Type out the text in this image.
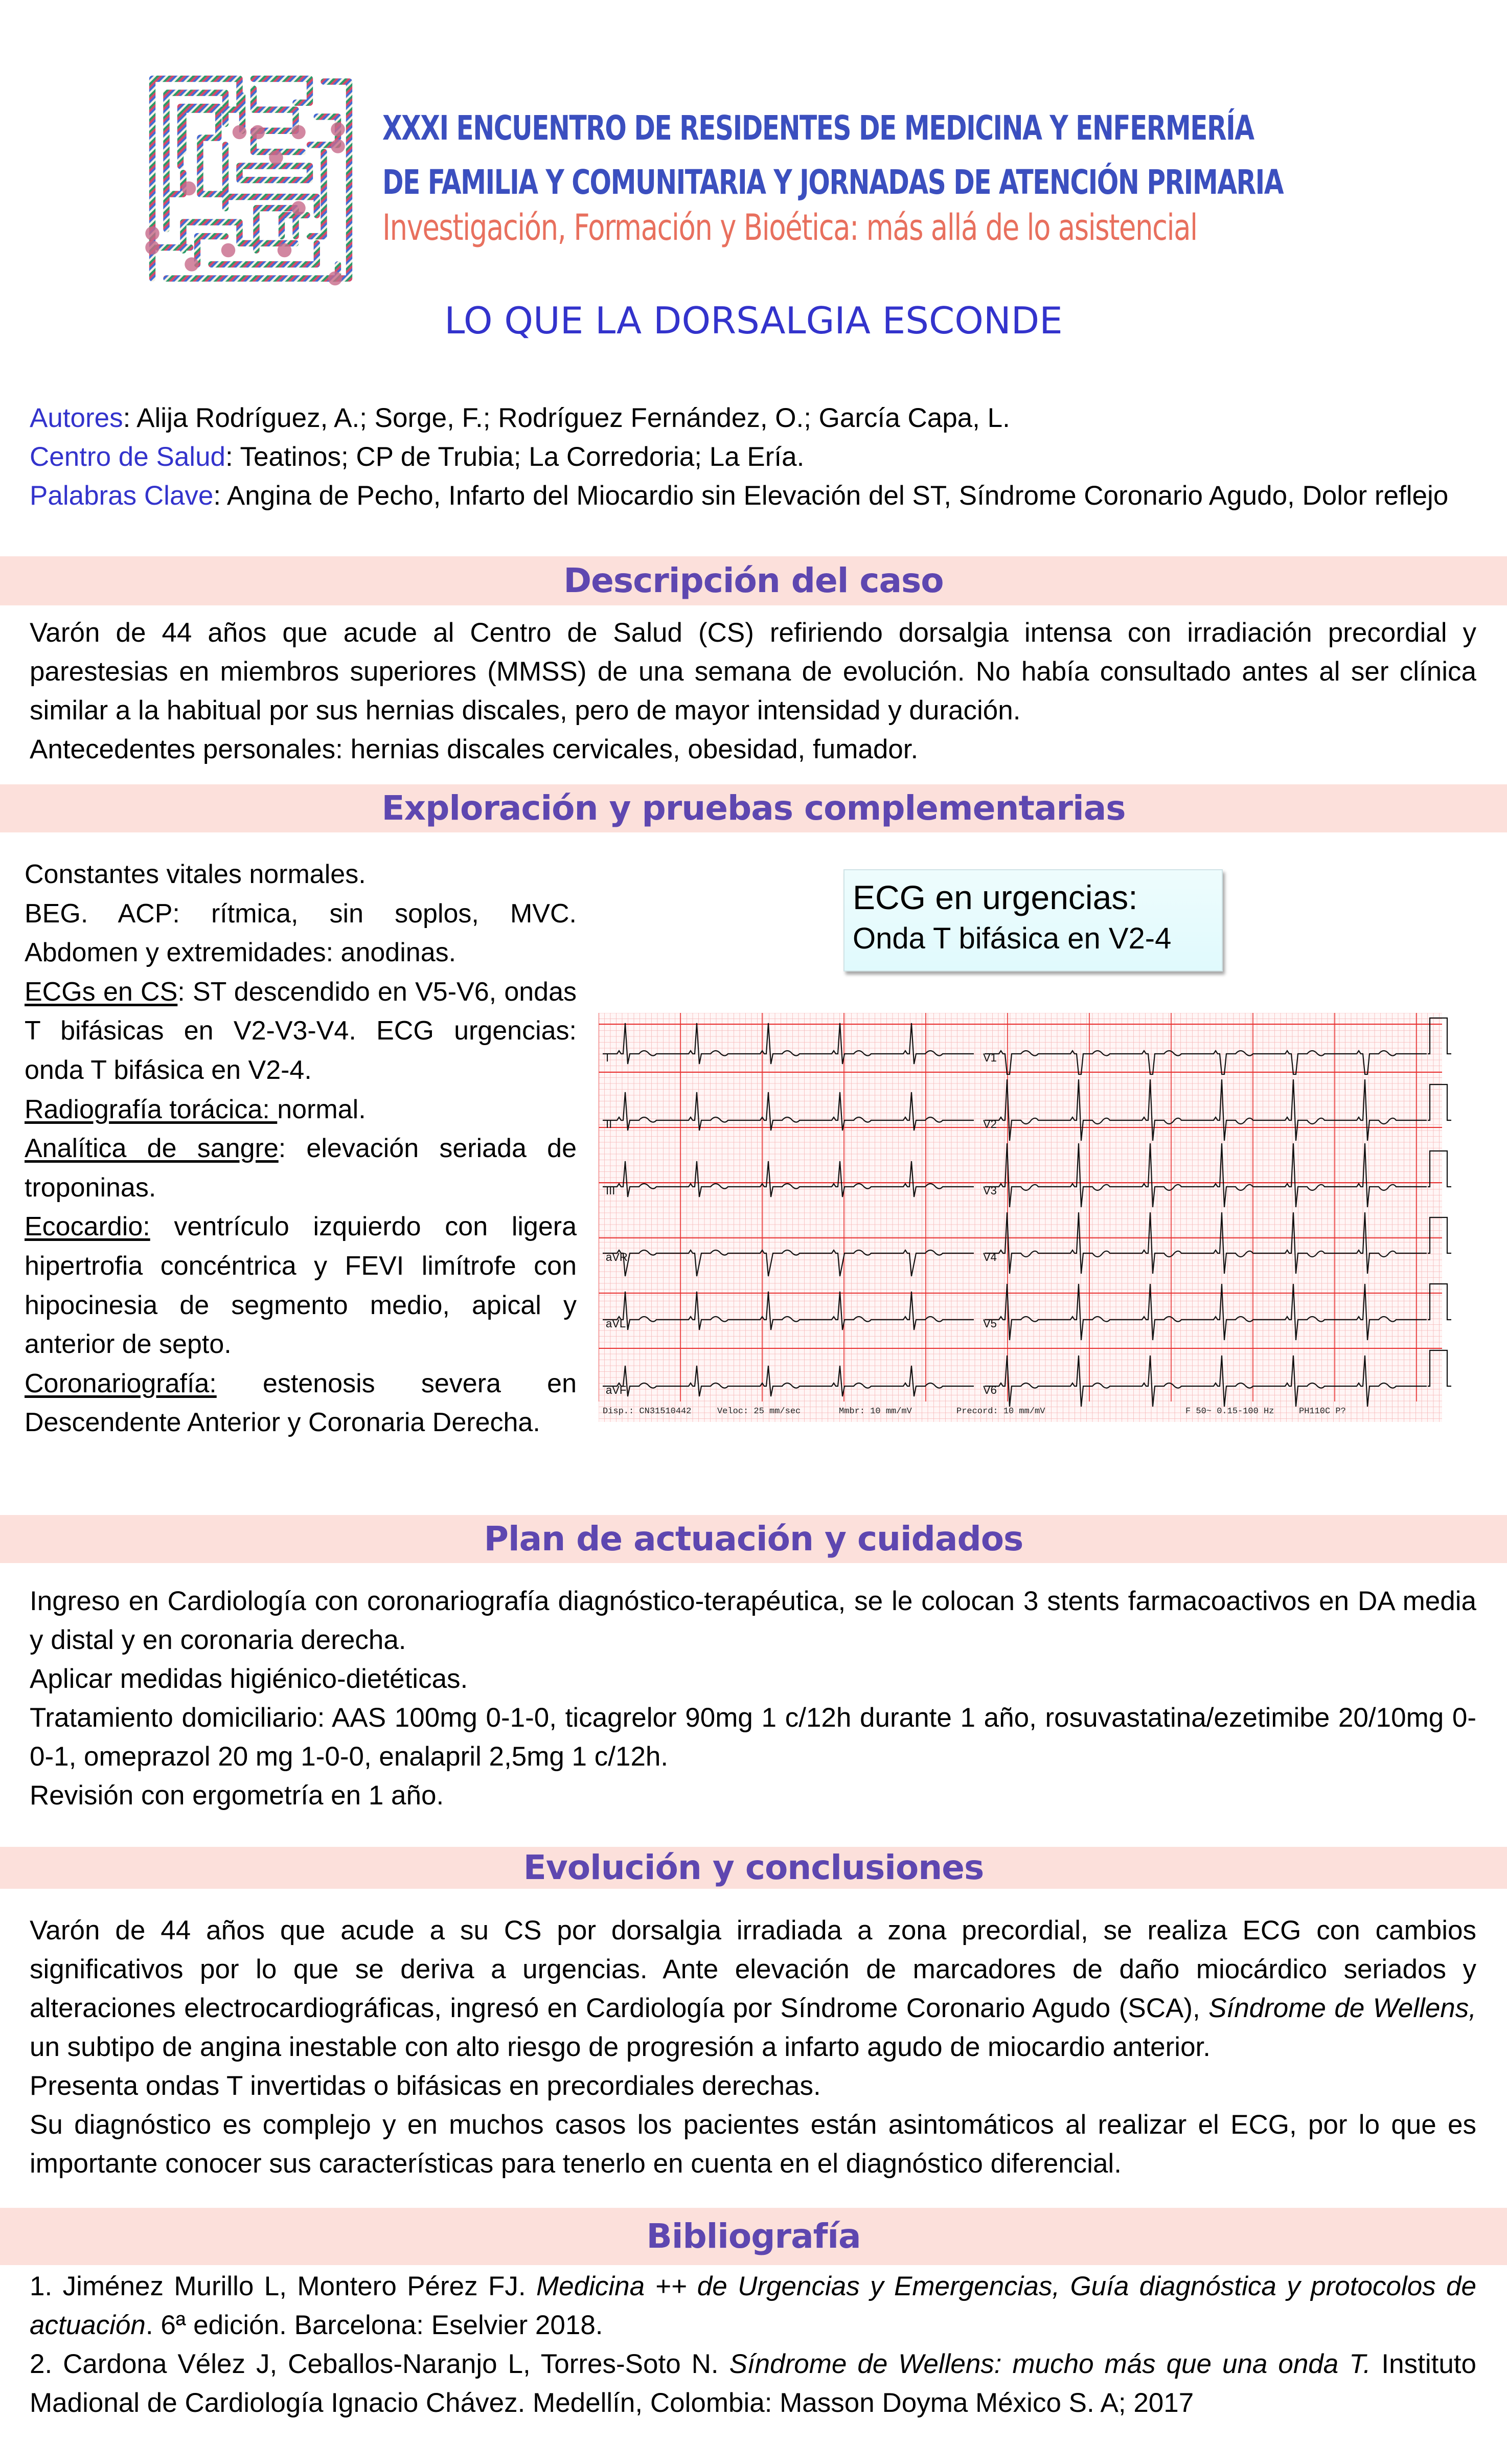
XXXI ENCUENTRO DE RESIDENTES DE MEDICINA Y ENFERMERÍA
DE FAMILIA Y COMUNITARIA Y JORNADAS DE ATENCIÓN PRIMARIA
Investigación, Formación y Bioética: más allá de lo asistencial
LO QUE LA DORSALGIA ESCONDE
Autores: Alija Rodríguez, A.; Sorge, F.; Rodríguez Fernández, O.; García Capa, L.
Centro de Salud: Teatinos; CP de Trubia; La Corredoria; La Ería.
Palabras Clave: Angina de Pecho, Infarto del Miocardio sin Elevación del ST, Síndrome Coronario Agudo, Dolor reflejo
Descripción del caso

Varón de 44 años que acude al Centro de Salud (CS) refiriendo dorsalgia intensa con irradiación precordial y parestesias en miembros superiores (MMSS) de una semana de evolución. No había consultado antes al ser clínica similar a la habitual por sus hernias discales, pero de mayor intensidad y duración.

Antecedentes personales: hernias discales cervicales, obesidad, fumador.

Exploración y pruebas complementarias

Constantes vitales normales.

BEG. ACP: rítmica, sin soplos, MVC. Abdomen y extremidades: anodinas.

ECGs en CS: ST descendido en V5-V6, ondas T bifásicas en V2-V3-V4. ECG urgencias: onda T bifásica en V2-4.

Radiografía torácica: normal.

Analítica de sangre: elevación seriada de troponinas.

Ecocardio: ventrículo izquierdo con ligera hipertrofia concéntrica y FEVI limítrofe con hipocinesia de segmento medio, apical y anterior de septo.

Coronariografía: estenosis severa en Descendente Anterior y Coronaria Derecha.

ECG en urgencias:
Onda T bifásica en V2-4
I
II
III
aVR
aVL
aVF
V1
V2
V3
V4
V5
V6
Disp.: CN31510442	Veloc: 25 mm/sec	Mmbr: 10 mm/mV	Precord: 10 mm/mV	F 50~ 0.15-100 Hz	PH110C P?
Plan de actuación y cuidados

Ingreso en Cardiología con coronariografía diagnóstico-terapéutica, se le colocan 3 stents farmacoactivos en DA media y distal y en coronaria derecha.

Aplicar medidas higiénico-dietéticas.

Tratamiento domiciliario: AAS 100mg 0-1-0, ticagrelor 90mg 1 c/12h durante 1 año, rosuvastatina/ezetimibe 20/10mg 0-0-1, omeprazol 20 mg 1-0-0, enalapril 2,5mg 1 c/12h.

Revisión con ergometría en 1 año.

Evolución y conclusiones

Varón de 44 años que acude a su CS por dorsalgia irradiada a zona precordial, se realiza ECG con cambios significativos por lo que se deriva a urgencias. Ante elevación de marcadores de daño miocárdico seriados y alteraciones electrocardiográficas, ingresó en Cardiología por Síndrome Coronario Agudo (SCA), Síndrome de Wellens, un subtipo de angina inestable con alto riesgo de progresión a infarto agudo de miocardio anterior.

Presenta ondas T invertidas o bifásicas en precordiales derechas.

Su diagnóstico es complejo y en muchos casos los pacientes están asintomáticos al realizar el ECG, por lo que es importante conocer sus características para tenerlo en cuenta en el diagnóstico diferencial.

Bibliografía

1. Jiménez Murillo L, Montero Pérez FJ. Medicina ++ de Urgencias y Emergencias, Guía diagnóstica y protocolos de actuación. 6ª edición. Barcelona: Eselvier 2018.

2. Cardona Vélez J, Ceballos-Naranjo L, Torres-Soto N. Síndrome de Wellens: mucho más que una onda T. Instituto Madional de Cardiología Ignacio Chávez. Medellín, Colombia: Masson Doyma México S. A; 2017
